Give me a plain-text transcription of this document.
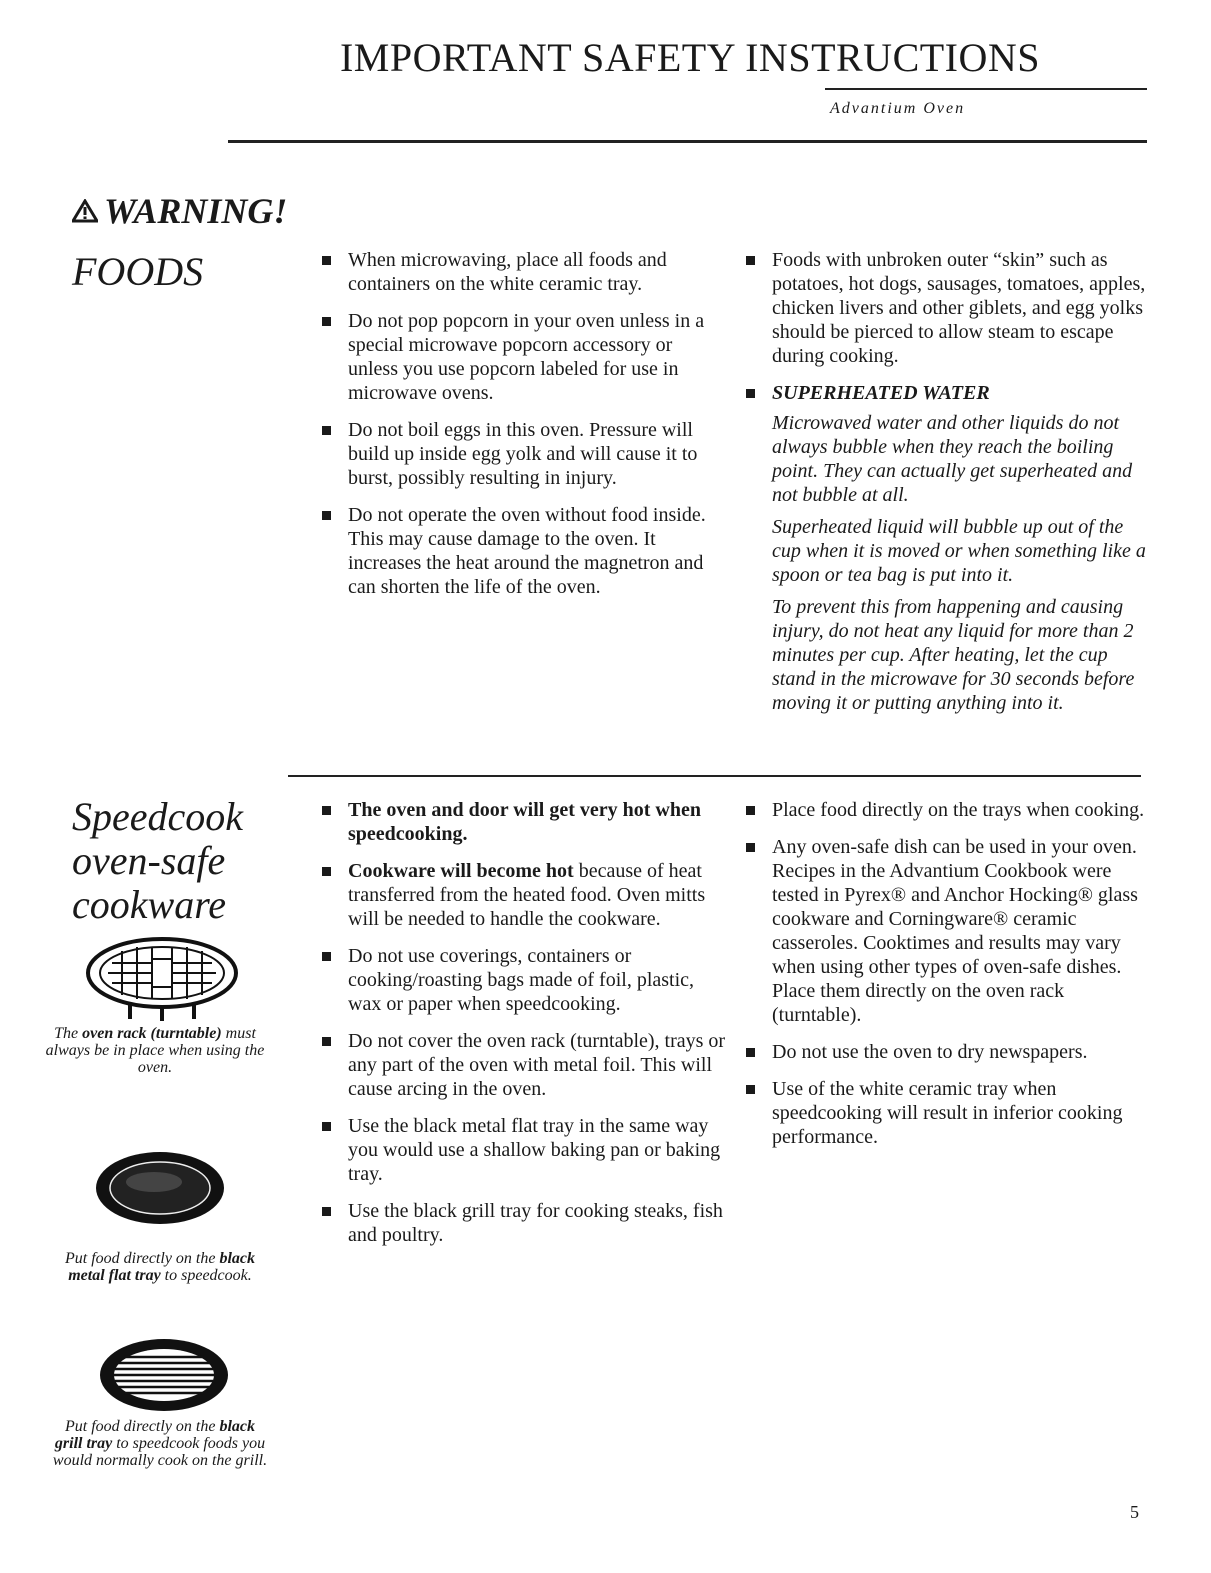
IMPORTANT SAFETY INSTRUCTIONS
Advantium Oven
WARNING!
FOODS	When microwaving, place all foods and containers on the white ceramic tray.
Do not pop popcorn in your oven unless in a special microwave popcorn accessory or unless you use popcorn labeled for use in microwave ovens.
Do not boil eggs in this oven. Pressure will build up inside egg yolk and will cause it to burst, possibly resulting in injury.
Do not operate the oven without food inside. This may cause damage to the oven. It increases the heat around the magnetron and can shorten the life of the oven.
Foods with unbroken outer “skin” such as potatoes, hot dogs, sausages, tomatoes, apples, chicken livers and other giblets, and egg yolks should be pierced to allow steam to escape during cooking.
SUPERHEATED WATER
Microwaved water and other liquids do not always bubble when they reach the boiling point. They can actually get superheated and not bubble at all.
Superheated liquid will bubble up out of the cup when it is moved or when something like a spoon or tea bag is put into it.
To prevent this from happening and causing injury, do not heat any liquid for more than 2 minutes per cup. After heating, let the cup stand in the microwave for 30 seconds before moving it or putting anything into it.
Speedcook
oven-safe
cookware
The oven rack (turntable) must always be in place when using the oven.
Put food directly on the black metal flat tray to speedcook.
Put food directly on the black grill tray to speedcook foods you would normally cook on the grill.
The oven and door will get very hot when speedcooking.
Cookware will become hot because of heat transferred from the heated food. Oven mitts will be needed to handle the cookware.
Do not use coverings, containers or cooking/roasting bags made of foil, plastic, wax or paper when speedcooking.
Do not cover the oven rack (turntable), trays or any part of the oven with metal foil. This will cause arcing in the oven.
Use the black metal flat tray in the same way you would use a shallow baking pan or baking tray.
Use the black grill tray for cooking steaks, fish and poultry.
Place food directly on the trays when cooking.
Any oven-safe dish can be used in your oven. Recipes in the Advantium Cookbook were tested in Pyrex® and Anchor Hocking® glass cookware and Corningware® ceramic casseroles. Cooktimes and results may vary when using other types of oven-safe dishes. Place them directly on the oven rack (turntable).
Do not use the oven to dry newspapers.
Use of the white ceramic tray when speedcooking will result in inferior cooking performance.
5
